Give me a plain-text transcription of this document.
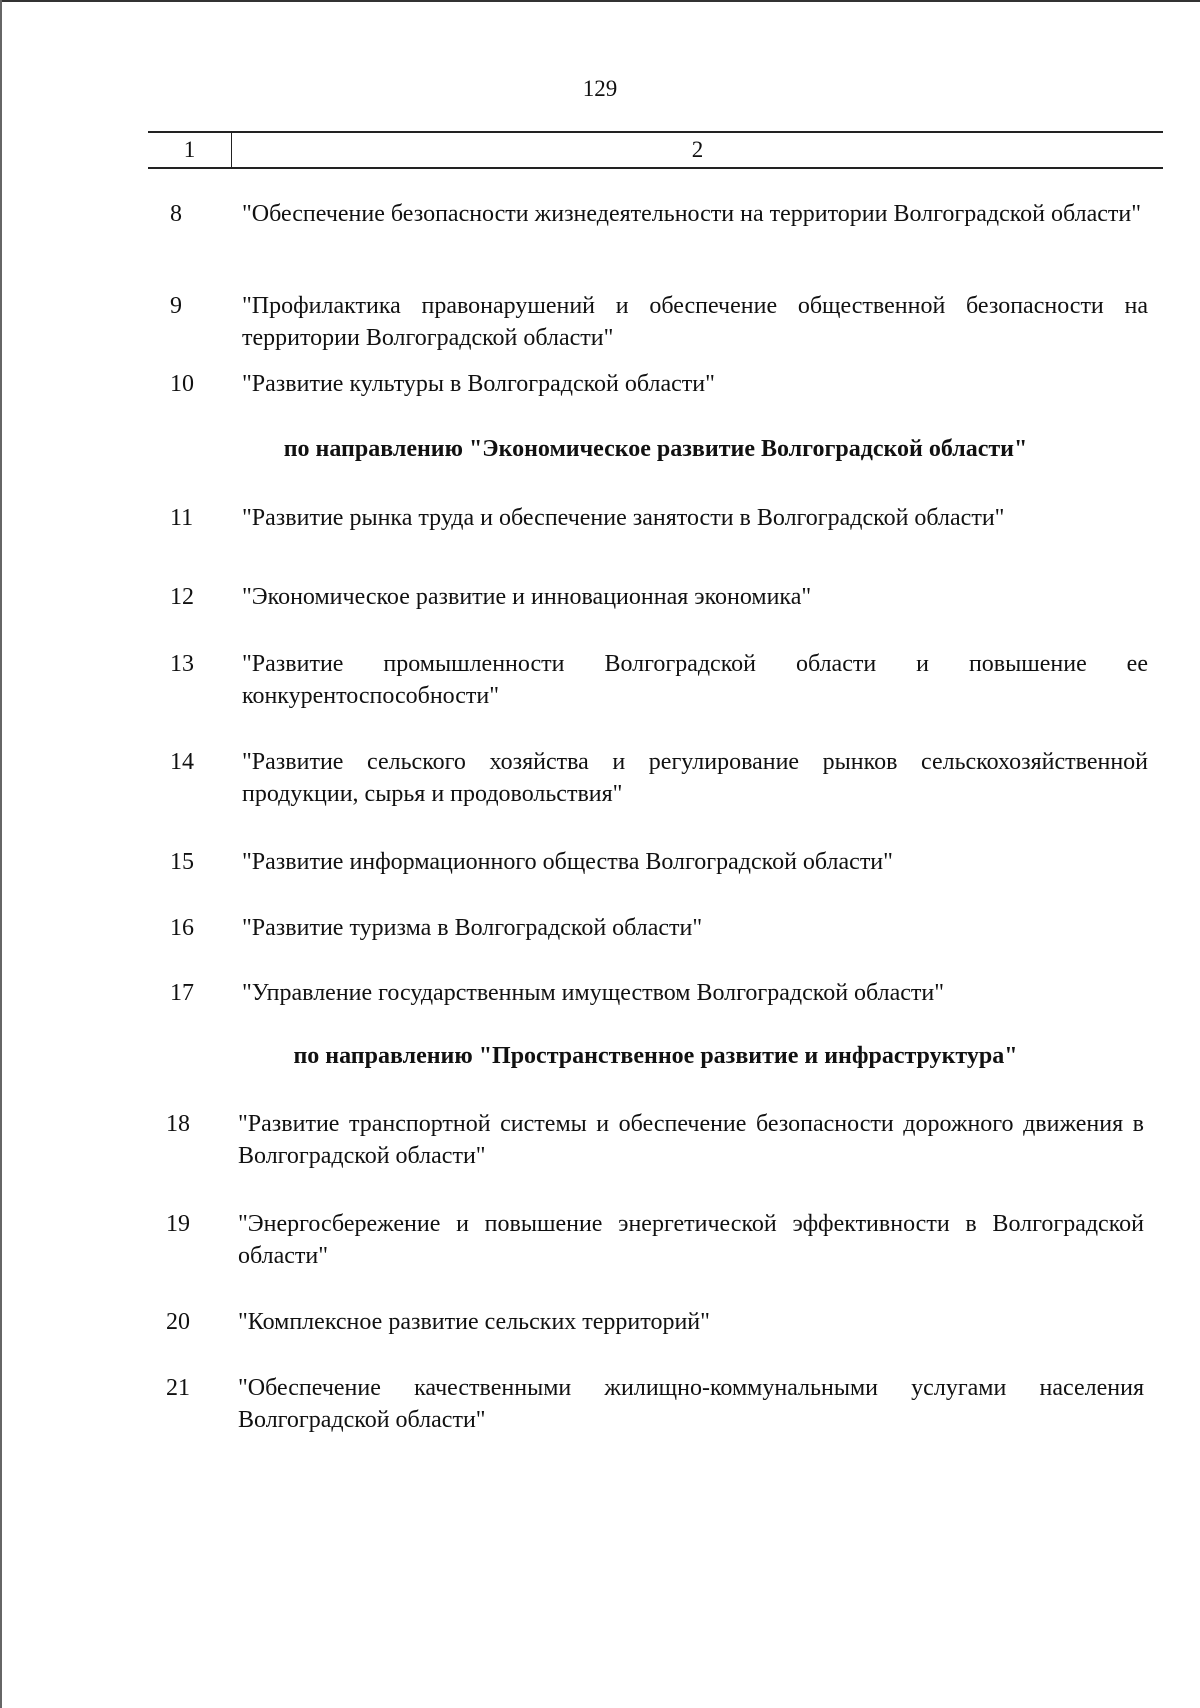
129
1	2
8	"Обеспечение безопасности жизнедеятельности на территории Волгоградской области"
9	"Профилактика правонарушений и обеспечение общественной безопасности на территории Волгоградской области"
10	"Развитие культуры в Волгоградской области"
по направлению "Экономическое развитие Волгоградской области"
11	"Развитие рынка труда и обеспечение занятости в Волгоградской области"
12	"Экономическое развитие и инновационная экономика"
13	"Развитие промышленности Волгоградской области и повышение ее конкурентоспособности"
14	"Развитие сельского хозяйства и регулирование рынков сельскохозяйственной продукции, сырья и продовольствия"
15	"Развитие информационного общества Волгоградской области"
16	"Развитие туризма в Волгоградской области"
17	"Управление государственным имуществом Волгоградской области"
по направлению "Пространственное развитие и инфраструктура"
18	"Развитие транспортной системы и обеспечение безопасности дорожного движения в Волгоградской области"
19	"Энергосбережение и повышение энергетической эффективности в Волгоградской области"
20	"Комплексное развитие сельских территорий"
21	"Обеспечение качественными жилищно-коммунальными услугами населения Волгоградской области"
